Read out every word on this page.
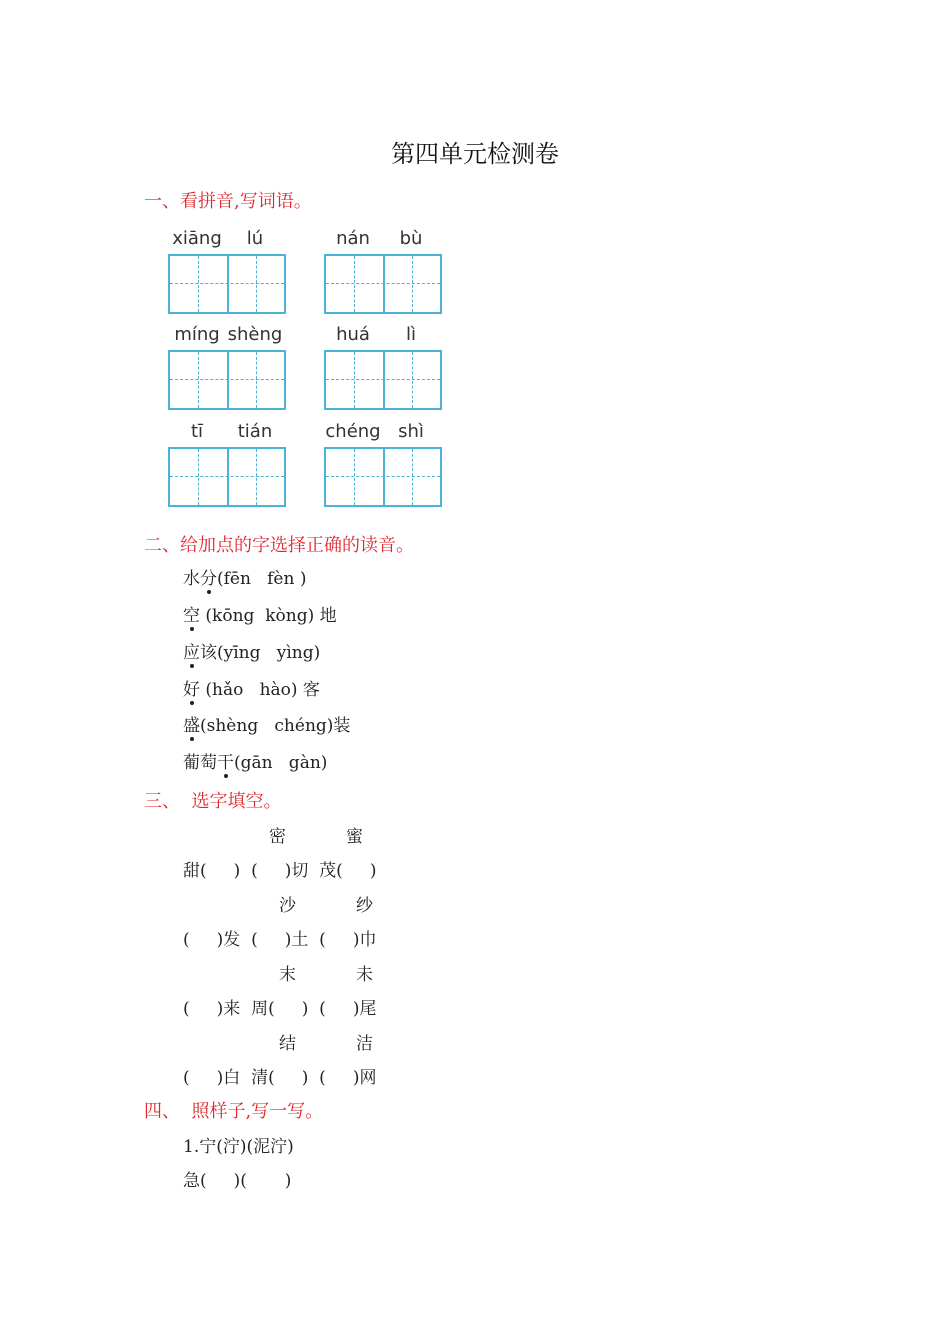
第四单元检测卷
一、看拼音,写词语。
xiāng	lú	nán	bù
míng shèng	huá	lì
tī	tián	chéng shì
二、给加点的字选择正确的读音。
水分(fēn   fèn )
空 (kōng  kòng) 地
应该(yīng   yìng)
好 (hǎo   hào) 客
盛(shèng   chéng)装
葡萄干(gān   gàn)
三、  选字填空。
密	蜜
甜(     )  (     )切  茂(     )
沙	纱
(     )发  (     )土  (     )巾
末	未
(     )来  周(     )  (     )尾
结	洁
(     )白  清(     )  (     )网
四、  照样子,写一写。
1.宁(泞)(泥泞)
急(     )(       )
